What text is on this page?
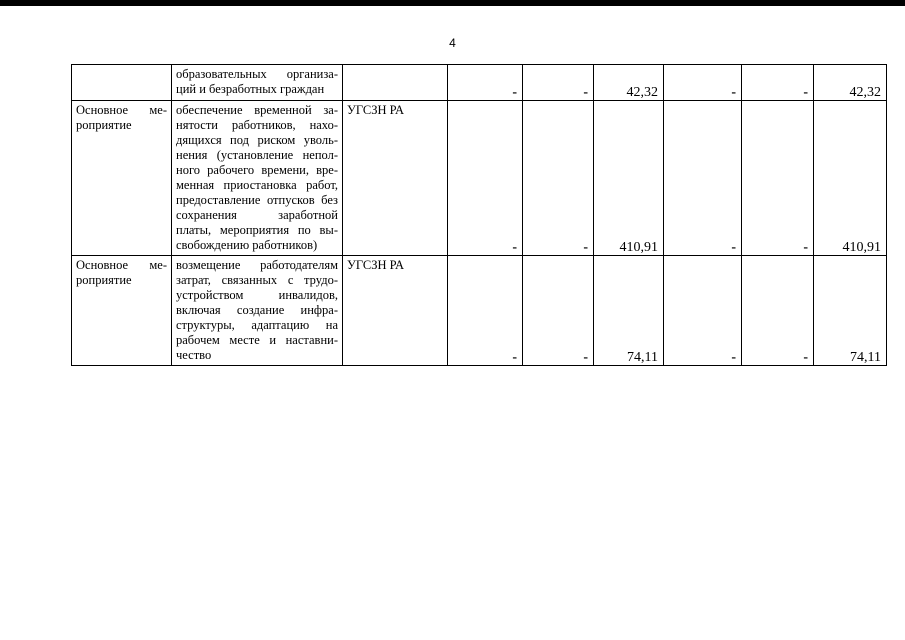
4
	образовательных организа-ций и безработных граждан		-	-	42,32	-	-	42,32
Основное ме-роприятие	обеспечение временной за-нятости работников, нахо-дящихся под риском уволь-нения (установление непол-ного рабочего времени, вре-менная приостановка работ, предоставление отпусков без сохранения заработной платы, мероприятия по вы-свобождению работников)	УГСЗН РА	-	-	410,91	-	-	410,91
Основное ме-роприятие	возмещение работодателям затрат, связанных с трудо-устройством инвалидов, включая создание инфра-структуры, адаптацию на рабочем месте и наставни-чество	УГСЗН РА	-	-	74,11	-	-	74,11
